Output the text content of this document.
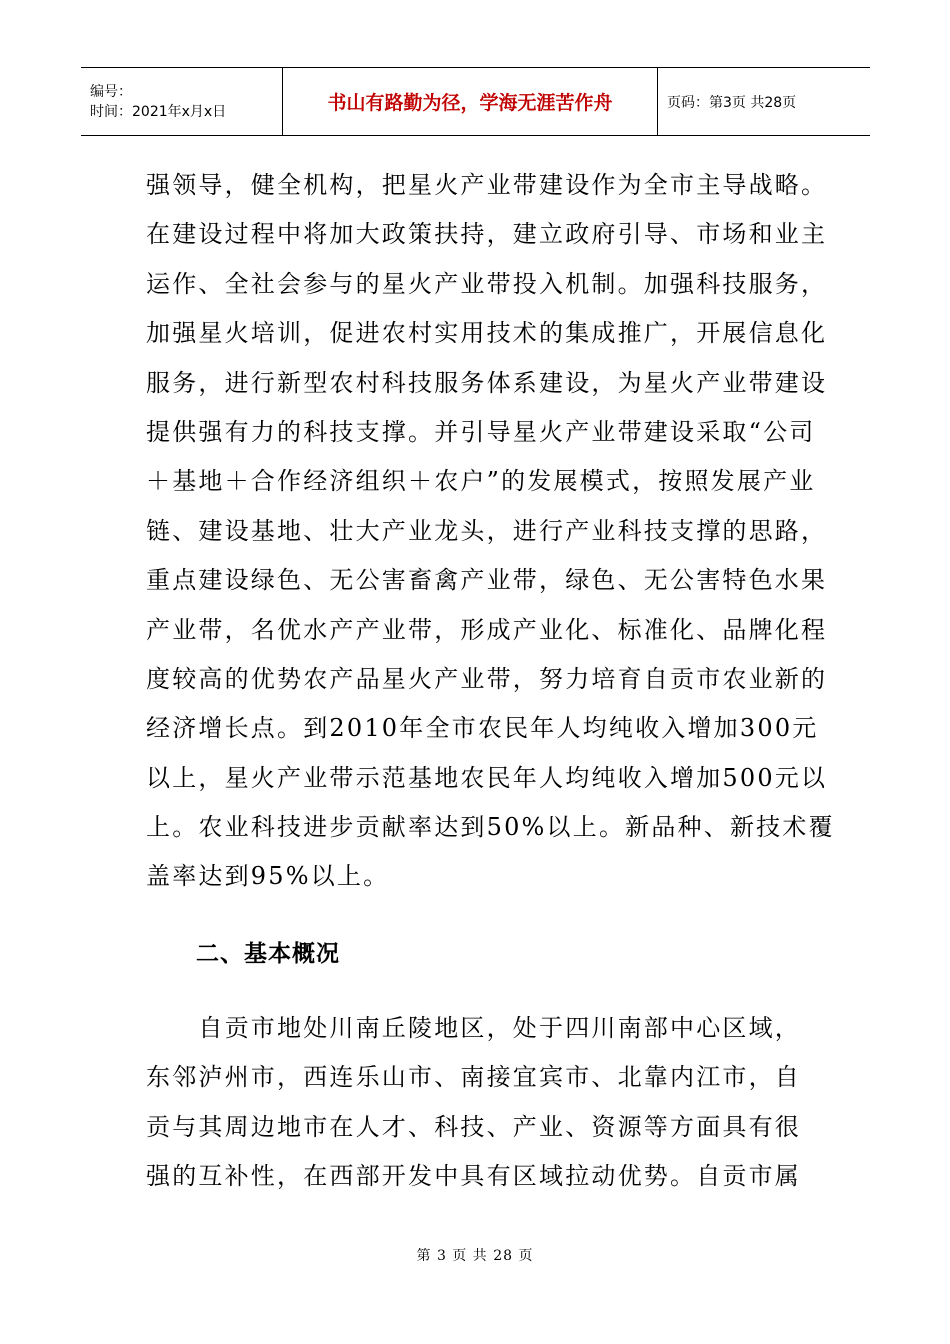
编号：
时间：2021年x月x日	书山有路勤为径，学海无涯苦作舟	页码：第3页 共28页
强领导，健全机构，把星火产业带建设作为全市主导战略。
在建设过程中将加大政策扶持，建立政府引导、市场和业主
运作、全社会参与的星火产业带投入机制。加强科技服务，
加强星火培训，促进农村实用技术的集成推广，开展信息化
服务，进行新型农村科技服务体系建设，为星火产业带建设
提供强有力的科技支撑。并引导星火产业带建设采取“公司
＋基地＋合作经济组织＋农户”的发展模式，按照发展产业
链、建设基地、壮大产业龙头，进行产业科技支撑的思路，
重点建设绿色、无公害畜禽产业带，绿色、无公害特色水果
产业带，名优水产产业带，形成产业化、标准化、品牌化程
度较高的优势农产品星火产业带，努力培育自贡市农业新的
经济增长点。到2010年全市农民年人均纯收入增加300元
以上，星火产业带示范基地农民年人均纯收入增加500元以
上。农业科技进步贡献率达到50%以上。新品种、新技术覆
盖率达到95%以上。
二、基本概况
　　自贡市地处川南丘陵地区，处于四川南部中心区域，
东邻泸州市，西连乐山市、南接宜宾市、北靠内江市，自
贡与其周边地市在人才、科技、产业、资源等方面具有很
强的互补性，在西部开发中具有区域拉动优势。自贡市属
第 3 页 共 28 页
